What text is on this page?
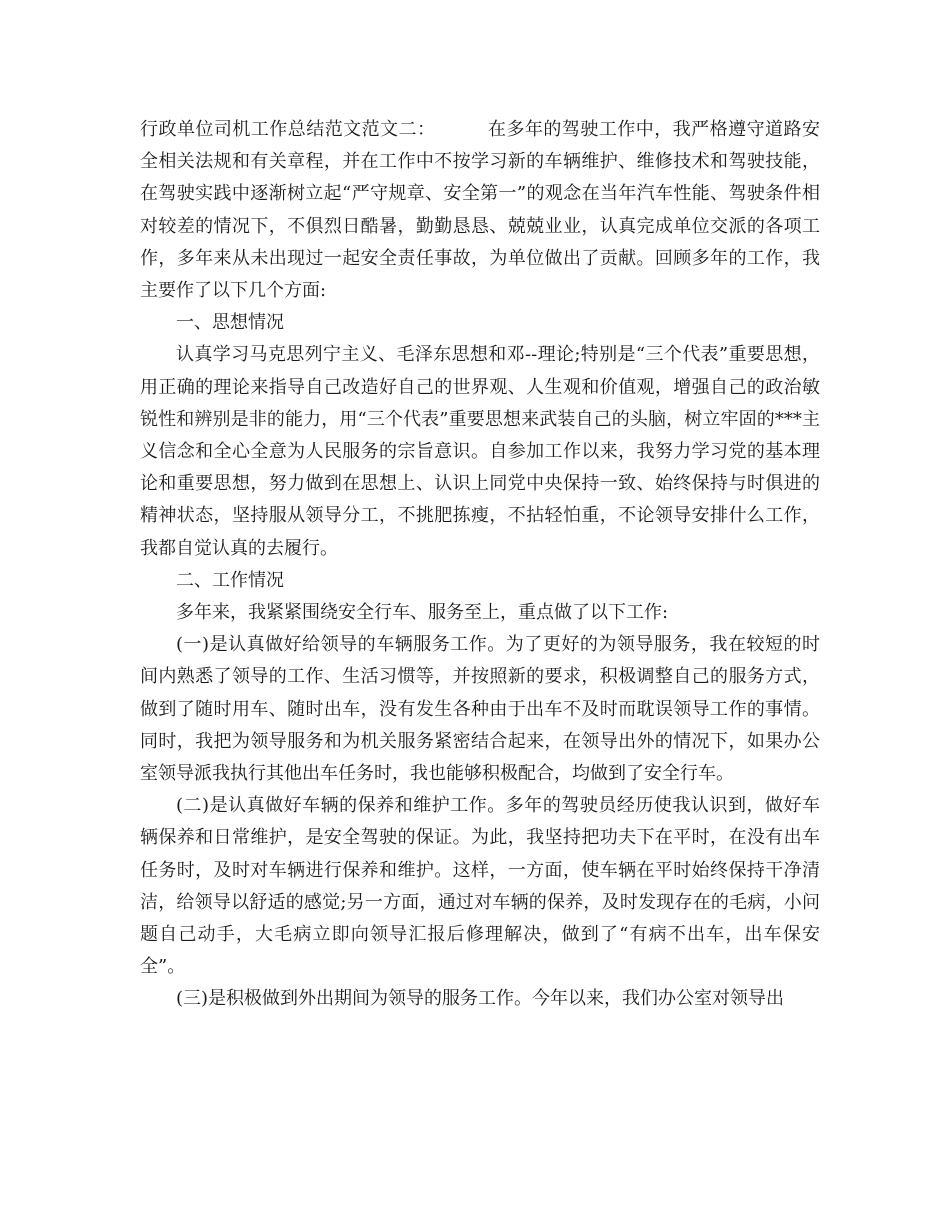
行政单位司机工作总结范文范文二：	在多年的驾驶工作中，我严格遵守道路安全相关法规和有关章程，并在工作中不按学习新的车辆维护、维修技术和驾驶技能，在驾驶实践中逐渐树立起“严守规章、安全第一”的观念在当年汽车性能、驾驶条件相对较差的情况下，不俱烈日酷暑，勤勤恳恳、兢兢业业，认真完成单位交派的各项工作，多年来从未出现过一起安全责任事故，为单位做出了贡献。回顾多年的工作，我主要作了以下几个方面:

一、思想情况

认真学习马克思列宁主义、毛泽东思想和邓--理论;特别是“三个代表”重要思想，用正确的理论来指导自己改造好自己的世界观、人生观和价值观，增强自己的政治敏锐性和辨别是非的能力，用“三个代表”重要思想来武装自己的头脑，树立牢固的***主义信念和全心全意为人民服务的宗旨意识。自参加工作以来，我努力学习党的基本理论和重要思想，努力做到在思想上、认识上同党中央保持一致、始终保持与时俱进的精神状态，坚持服从领导分工，不挑肥拣瘦，不拈轻怕重，不论领导安排什么工作，我都自觉认真的去履行。

二、工作情况

多年来，我紧紧围绕安全行车、服务至上，重点做了以下工作:

(一)是认真做好给领导的车辆服务工作。为了更好的为领导服务，我在较短的时间内熟悉了领导的工作、生活习惯等，并按照新的要求，积极调整自己的服务方式，做到了随时用车、随时出车，没有发生各种由于出车不及时而耽误领导工作的事情。同时，我把为领导服务和为机关服务紧密结合起来，在领导出外的情况下，如果办公室领导派我执行其他出车任务时，我也能够积极配合，均做到了安全行车。

(二)是认真做好车辆的保养和维护工作。多年的驾驶员经历使我认识到，做好车辆保养和日常维护，是安全驾驶的保证。为此，我坚持把功夫下在平时，在没有出车任务时，及时对车辆进行保养和维护。这样，一方面，使车辆在平时始终保持干净清洁，给领导以舒适的感觉;另一方面，通过对车辆的保养，及时发现存在的毛病，小问题自己动手，大毛病立即向领导汇报后修理解决，做到了“有病不出车，出车保安全”。

(三)是积极做到外出期间为领导的服务工作。今年以来，我们办公室对领导出
